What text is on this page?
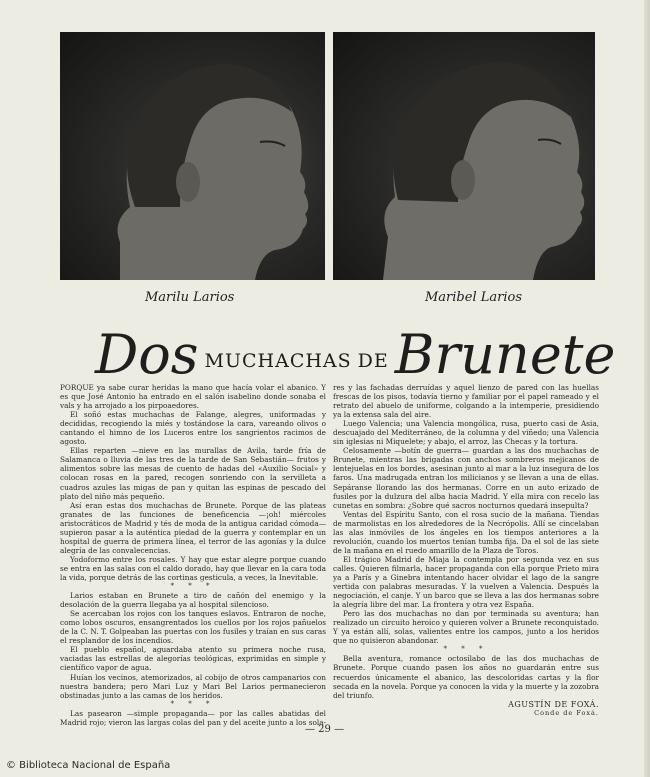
Marilu Larios	Maribel Larios
Dos MUCHACHAS DE Brunete

PORQUE ya sabe curar heridas la mano que hacía volar el abanico. Y es que José Antonio ha entrado en el salón isabelino donde sonaba el vals y ha arrojado a los pirpoaedores.

El soñó estas muchachas de Falange, alegres, uniformadas y decididas, recogiendo la miés y tostándose la cara, vareando olivos o cantando el himno de los Luceros entre los sangrientos racimos de agosto.

Ellas reparten —nieve en las murallas de Avila, tarde fría de Salamanca o lluvia de las tres de la tarde de San Sebastián— frutos y alimentos sobre las mesas de cuento de hadas del «Auxilio Social» y colocan rosas en la pared, recogen sonriendo con la servilleta a cuadros azules las migas de pan y quitan las espinas de pescado del plato del niño más pequeño.

Así eran estas dos muchachas de Brunete. Porque de las plateas granates de las funciones de beneficencia —¡oh! miércoles aristocráticos de Madrid y tés de moda de la antigua caridad cómoda— supieron pasar a la auténtica piedad de la guerra y contemplar en un hospital de guerra de primera línea, el terror de las agonías y la dulce alegría de las convalecencias.

Yodoformo entre los rosales. Y hay que estar alegre porque cuando se entra en las salas con el caldo dorado, hay que llevar en la cara toda la vida, porque detrás de las cortinas gesticula, a veces, la Inevitable.

* * *

Larios estaban en Brunete a tiro de cañón del enemigo y la desolación de la guerra llegaba ya al hospital silencioso.

Se acercaban los rojos con los tanques eslavos. Entraron de noche, como lobos oscuros, ensangrentados los cuellos por los rojos pañuelos de la C. N. T. Golpeaban las puertas con los fusiles y traían en sus caras el resplandor de los incendios.

El pueblo español, aguardaba atento su primera noche rusa, vaciadas las estrellas de alegorías teológicas, exprimidas en simple y científico vapor de agua.

Huían los vecinos, atemorizados, al cobijo de otros campanarios con nuestra bandera; pero Mari Luz y Mari Bel Larios permanecieron obstinadas junto a las camas de los heridos.

* * *

Las pasearon —simple propaganda— por las calles abatidas del Madrid rojo; vieron las largas colas del pan y del aceite junto a los sola-

res y las fachadas derruídas y aquel lienzo de pared con las huellas frescas de los pisos, todavía tierno y familiar por el papel rameado y el retrato del abuelo de uniforme, colgando a la intemperie, presidiendo ya la extensa sala del aire.

Luego Valencia; una Valencia mongólica, rusa, puerto casi de Asia, descuajado del Mediterráneo, de la columna y del viñedo; una Valencia sin iglesias ni Miquelete; y abajo, el arroz, las Checas y la tortura.

Celosamente —botín de guerra— guardan a las dos muchachas de Brunete, mientras las brigadas con anchos sombreros mejicanos de lentejuelas en los bordes, asesinan junto al mar a la luz insegura de los faros. Una madrugada entran los milicianos y se llevan a una de ellas. Sepáranse llorando las dos hermanas. Corre en un auto erizado de fusiles por la dulzura del alba hacia Madrid. Y ella mira con recelo las cunetas en sombra: ¿Sobre qué sacros nocturnos quedará insepulta?

Ventas del Espíritu Santo, con el rosa sucio de la mañana. Tiendas de marmolistas en los alrededores de la Necrópolis. Allí se cincelaban las alas inmóviles de los ángeles en los tiempos anteriores a la revolución, cuando los muertos tenían tumba fija. Da el sol de las siete de la mañana en el ruedo amarillo de la Plaza de Toros.

El trágico Madrid de Miaja la contempla por segunda vez en sus calles. Quieren filmarla, hacer propaganda con ella porque Prieto mira ya a París y a Ginebra intentando hacer olvidar el lago de la sangre vertida con palabras mesuradas. Y la vuelven a Valencia. Después la negociación, el canje. Y un barco que se lleva a las dos hermanas sobre la alegría libre del mar. La frontera y otra vez España.

Pero las dos muchachas no dan por terminada su aventura; han realizado un circuito heroico y quieren volver a Brunete reconquistado. Y ya están allí, solas, valientes entre los campos, junto a los heridos que no quisieron abandonar.

* * *

Bella aventura, romance octosílabo de las dos muchachas de Brunete. Porque cuando pasen los años no guardarán entre sus recuerdos únicamente el abanico, las descoloridas cartas y la flor secada en la novela. Porque ya conocen la vida y la muerte y la zozobra del triunfo.

AGUSTÍN DE FOXÁ.

Conde de Foxá.

— 29 —
© Biblioteca Nacional de España
